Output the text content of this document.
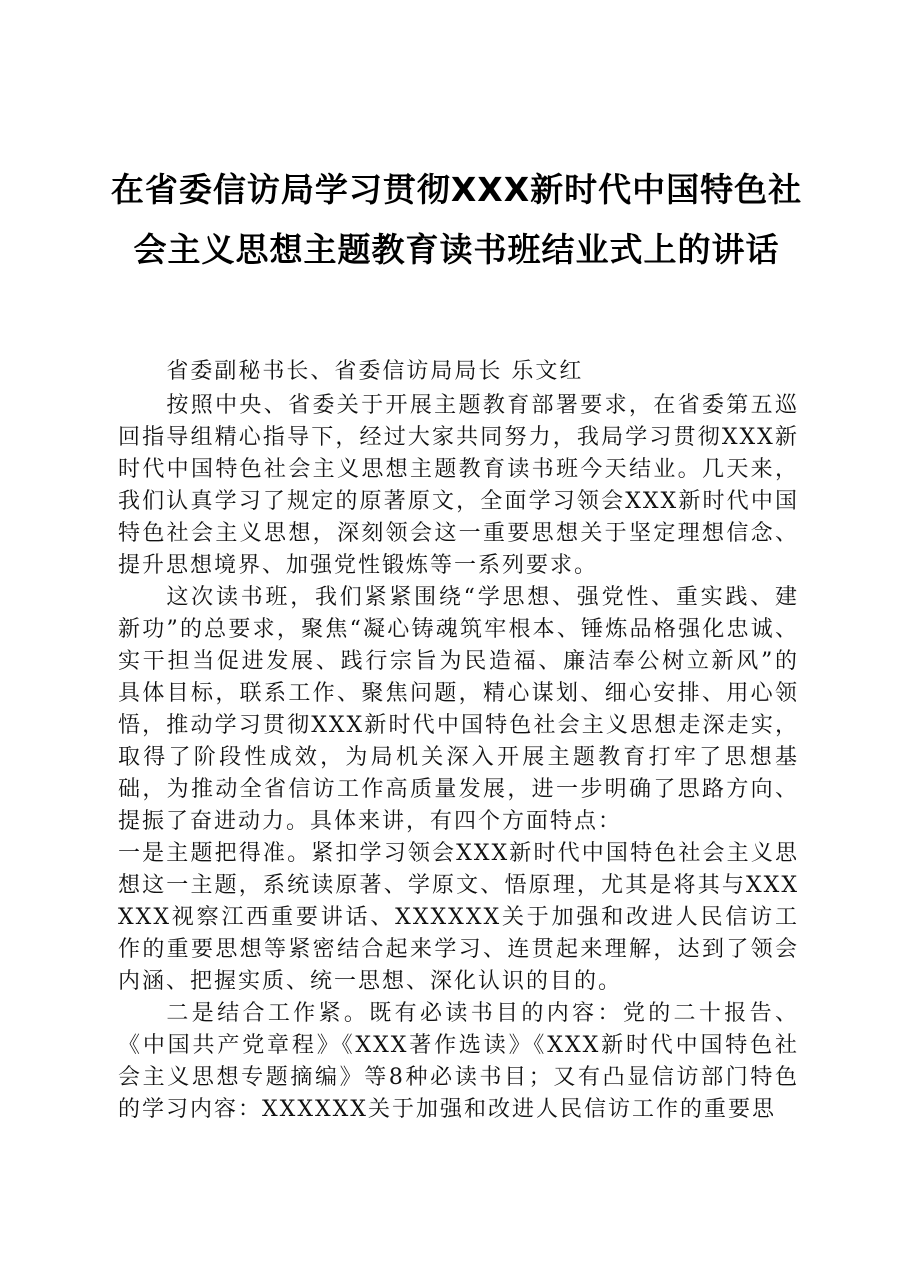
在省委信访局学习贯彻XXX新时代中国特色社
会主义思想主题教育读书班结业式上的讲话

省委副秘书长、省委信访局局长 乐文红

按照中央、省委关于开展主题教育部署要求，在省委第五巡回指导组精心指导下，经过大家共同努力，我局学习贯彻XXX新时代中国特色社会主义思想主题教育读书班今天结业。几天来，我们认真学习了规定的原著原文，全面学习领会XXX新时代中国特色社会主义思想，深刻领会这一重要思想关于坚定理想信念、提升思想境界、加强党性锻炼等一系列要求。

这次读书班，我们紧紧围绕“学思想、强党性、重实践、建新功”的总要求，聚焦“凝心铸魂筑牢根本、锤炼品格强化忠诚、实干担当促进发展、践行宗旨为民造福、廉洁奉公树立新风”的具体目标，联系工作、聚焦问题，精心谋划、细心安排、用心领悟，推动学习贯彻XXX新时代中国特色社会主义思想走深走实，取得了阶段性成效，为局机关深入开展主题教育打牢了思想基础，为推动全省信访工作高质量发展，进一步明确了思路方向、提振了奋进动力。具体来讲，有四个方面特点：

一是主题把得准。紧扣学习领会XXX新时代中国特色社会主义思想这一主题，系统读原著、学原文、悟原理，尤其是将其与XXXXXX视察江西重要讲话、XXXXXX关于加强和改进人民信访工作的重要思想等紧密结合起来学习、连贯起来理解，达到了领会内涵、把握实质、统一思想、深化认识的目的。

二是结合工作紧。既有必读书目的内容：党的二十报告、《中国共产党章程》《XXX著作选读》《XXX新时代中国特色社会主义思想专题摘编》等8种必读书目；又有凸显信访部门特色的学习内容：XXXXXX关于加强和改进人民信访工作的重要思
